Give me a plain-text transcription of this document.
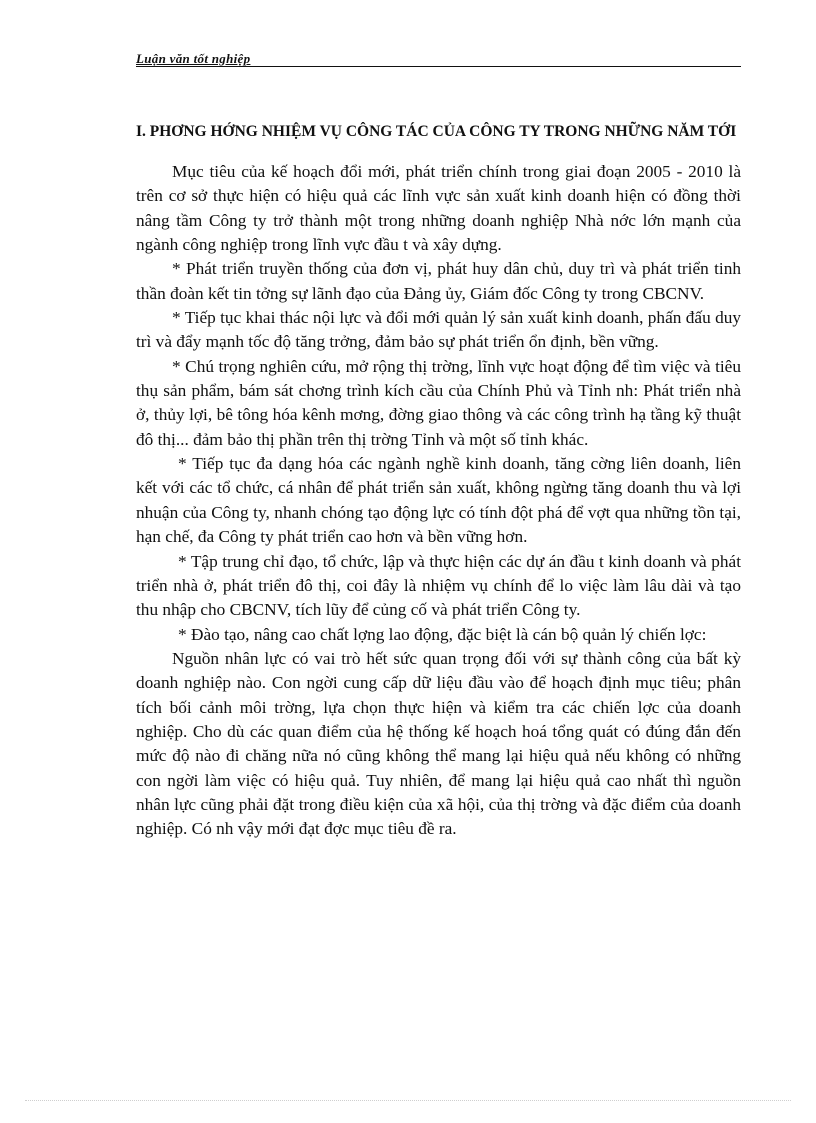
Luận văn tốt nghiệp
I. PHƠNG HỚNG NHIỆM VỤ CÔNG TÁC CỦA CÔNG TY TRONG NHỮNG NĂM TỚI

Mục tiêu của kế hoạch đổi mới, phát triển chính trong giai đoạn 2005 - 2010 là trên cơ sở thực hiện có hiệu quả các lĩnh vực sản xuất kinh doanh hiện có đồng thời nâng tầm Công ty trở thành một trong những doanh nghiệp Nhà nớc lớn mạnh của ngành công nghiệp trong lĩnh vực đầu t và xây dựng.

* Phát triển truyền thống của đơn vị, phát huy dân chủ, duy trì và phát triển tinh thần đoàn kết tin tởng sự lãnh đạo của Đảng ủy, Giám đốc Công ty trong CBCNV.

* Tiếp tục khai thác nội lực và đổi mới quản lý sản xuất kinh doanh, phấn đấu duy trì và đẩy mạnh tốc độ tăng trởng, đảm bảo sự phát triển ổn định, bền vững.

* Chú trọng nghiên cứu, mở rộng thị trờng, lĩnh vực hoạt động để tìm việc và tiêu thụ sản phẩm, bám sát chơng trình kích cầu của Chính Phủ và Tỉnh nh: Phát triển nhà ở, thủy lợi, bê tông hóa kênh mơng, đờng giao thông và các công trình hạ tầng kỹ thuật đô thị... đảm bảo thị phần trên thị trờng Tỉnh và một số tỉnh khác.

* Tiếp tục đa dạng hóa các ngành nghề kinh doanh, tăng cờng liên doanh, liên kết với các tổ chức, cá nhân để phát triển sản xuất, không ngừng tăng doanh thu và lợi nhuận của Công ty, nhanh chóng tạo động lực có tính đột phá để vợt qua những tồn tại, hạn chế, đa Công ty phát triển cao hơn và bền vững hơn.

* Tập trung chỉ đạo, tổ chức, lập và thực hiện các dự án đầu t kinh doanh và phát triển nhà ở, phát triển đô thị, coi đây là nhiệm vụ chính để lo việc làm lâu dài và tạo thu nhập cho CBCNV, tích lũy để củng cố và phát triển Công ty.

* Đào tạo, nâng cao chất lợng lao động, đặc biệt là cán bộ quản lý chiến lợc:

Nguồn nhân lực có vai trò hết sức quan trọng đối với sự thành công của bất kỳ doanh nghiệp nào. Con ngời cung cấp dữ liệu đầu vào để hoạch định mục tiêu; phân tích bối cảnh môi trờng, lựa chọn thực hiện và kiểm tra các chiến lợc của doanh nghiệp. Cho dù các quan điểm của hệ thống kế hoạch hoá tổng quát có đúng đắn đến mức độ nào đi chăng nữa nó cũng không thể mang lại hiệu quả nếu không có những con ngời làm việc có hiệu quả. Tuy nhiên, để mang lại hiệu quả cao nhất thì nguồn nhân lực cũng phải đặt trong điều kiện của xã hội, của thị trờng và đặc điểm của doanh nghiệp. Có nh vậy mới đạt đợc mục tiêu đề ra.
